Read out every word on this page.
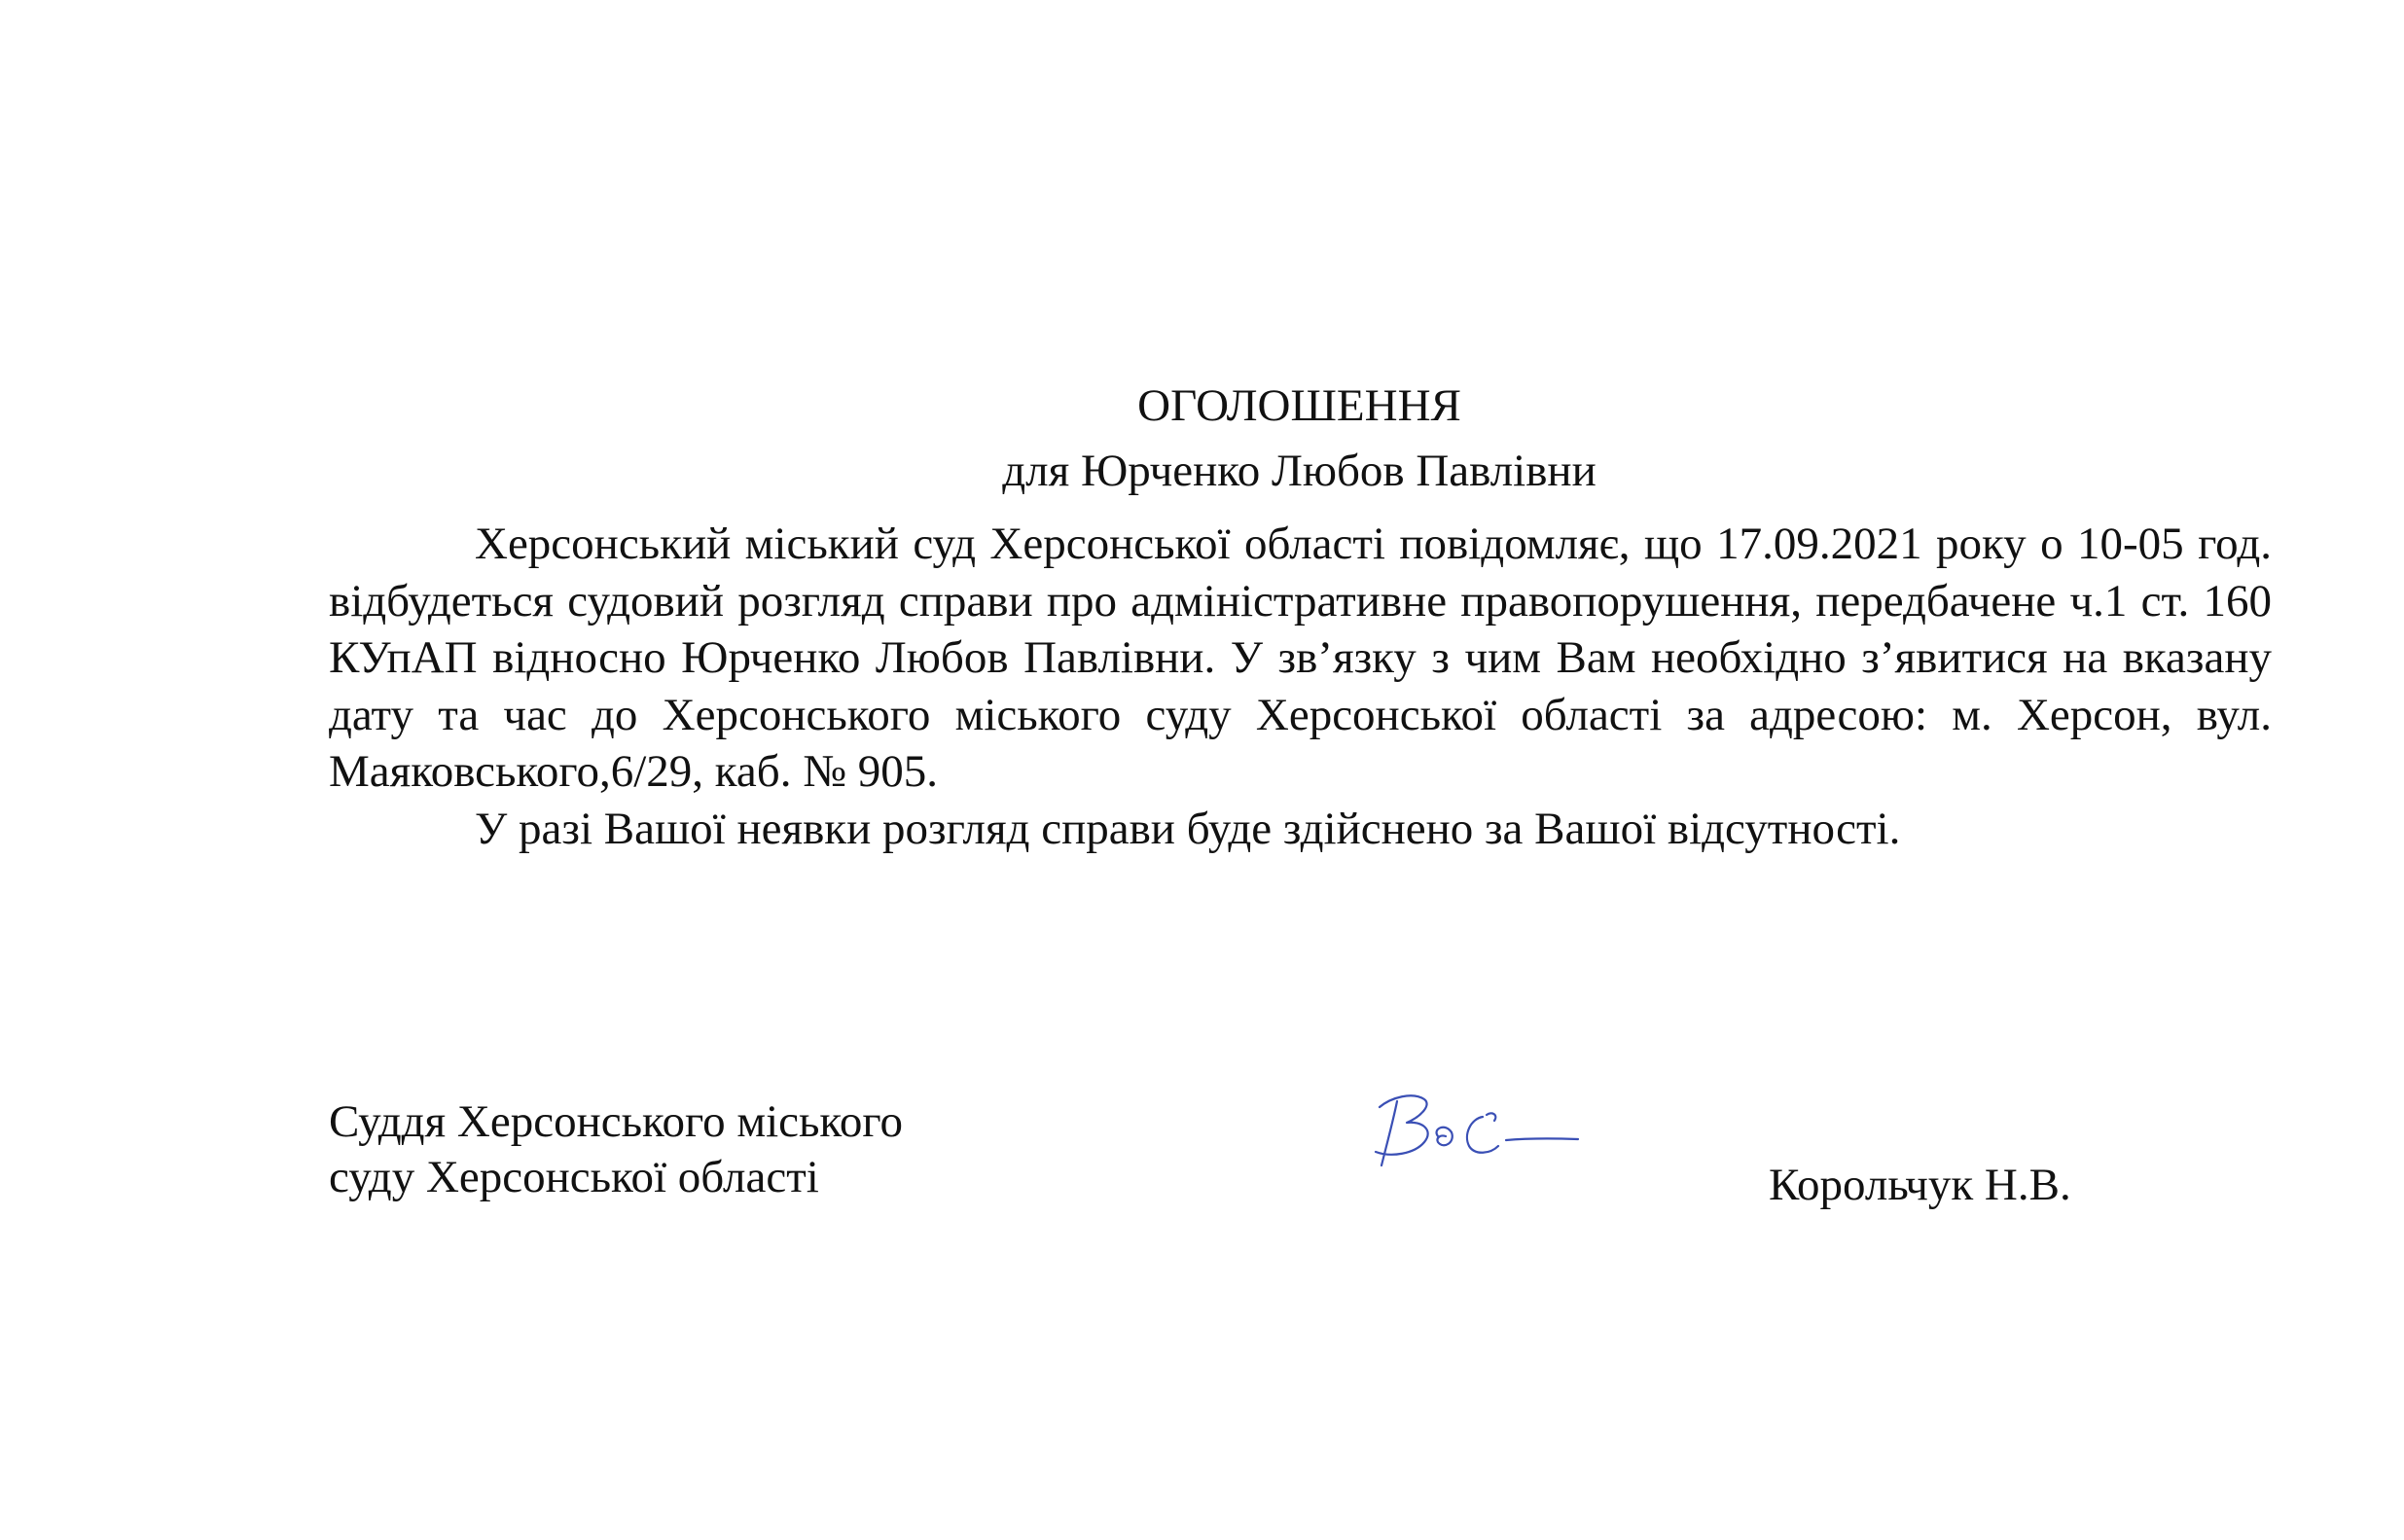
ОГОЛОШЕННЯ
для Юрченко Любов Павлівни

Херсонський міський суд Херсонської області повідомляє, що 17.09.2021 року о 10-05 год. відбудеться судовий розгляд справи про адміністративне правопорушення, передбачене ч.1 ст. 160 КУпАП відносно Юрченко Любов Павлівни. У зв’язку з чим Вам необхідно з’явитися на вказану дату та час до Херсонського міського суду Херсонської області за адресою: м. Херсон, вул. Маяковського,6/29, каб. № 905.

У разі Вашої неявки розгляд справи буде здійснено за Вашої відсутності.

Суддя Херсонського міського
суду Херсонської області	Корольчук Н.В.
